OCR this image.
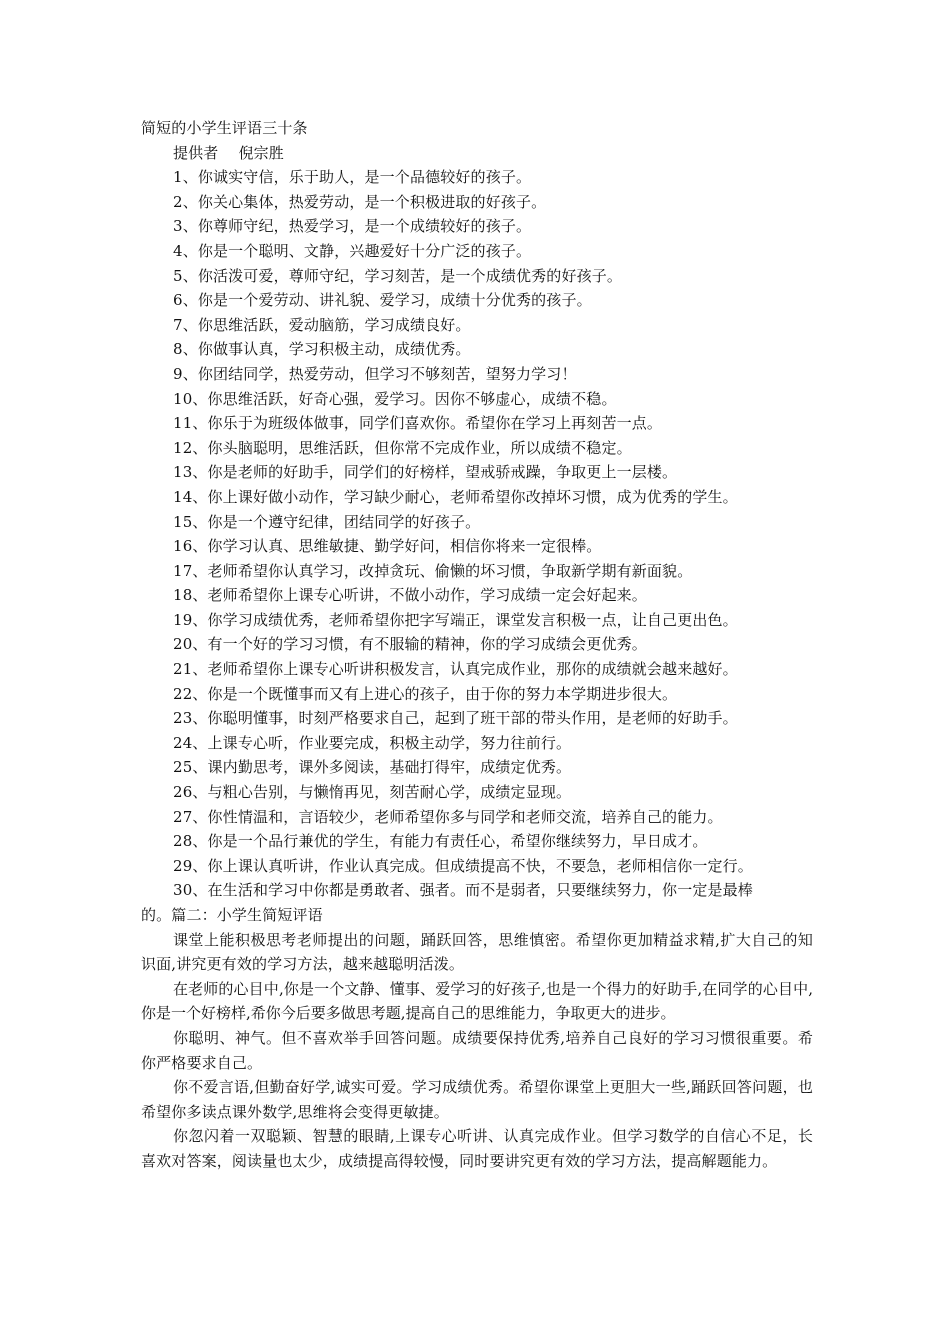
简短的小学生评语三十条
提供者 倪宗胜
1、你诚实守信，乐于助人，是一个品德较好的孩子。
2、你关心集体，热爱劳动，是一个积极进取的好孩子。
3、你尊师守纪，热爱学习，是一个成绩较好的孩子。
4、你是一个聪明、文静，兴趣爱好十分广泛的孩子。
5、你活泼可爱，尊师守纪，学习刻苦，是一个成绩优秀的好孩子。
6、你是一个爱劳动、讲礼貌、爱学习，成绩十分优秀的孩子。
7、你思维活跃，爱动脑筋，学习成绩良好。
8、你做事认真，学习积极主动，成绩优秀。
9、你团结同学，热爱劳动，但学习不够刻苦，望努力学习！
10、你思维活跃，好奇心强，爱学习。因你不够虚心，成绩不稳。
11、你乐于为班级体做事，同学们喜欢你。希望你在学习上再刻苦一点。
12、你头脑聪明，思维活跃，但你常不完成作业，所以成绩不稳定。
13、你是老师的好助手，同学们的好榜样，望戒骄戒躁，争取更上一层楼。
14、你上课好做小动作，学习缺少耐心，老师希望你改掉坏习惯，成为优秀的学生。
15、你是一个遵守纪律，团结同学的好孩子。
16、你学习认真、思维敏捷、勤学好问，相信你将来一定很棒。
17、老师希望你认真学习，改掉贪玩、偷懒的坏习惯，争取新学期有新面貌。
18、老师希望你上课专心听讲，不做小动作，学习成绩一定会好起来。
19、你学习成绩优秀，老师希望你把字写端正，课堂发言积极一点，让自己更出色。
20、有一个好的学习习惯，有不服输的精神，你的学习成绩会更优秀。
21、老师希望你上课专心听讲积极发言，认真完成作业，那你的成绩就会越来越好。
22、你是一个既懂事而又有上进心的孩子，由于你的努力本学期进步很大。
23、你聪明懂事，时刻严格要求自己，起到了班干部的带头作用，是老师的好助手。
24、上课专心听，作业要完成，积极主动学，努力往前行。
25、课内勤思考，课外多阅读，基础打得牢，成绩定优秀。
26、与粗心告别，与懒惰再见，刻苦耐心学，成绩定显现。
27、你性情温和，言语较少，老师希望你多与同学和老师交流，培养自己的能力。
28、你是一个品行兼优的学生，有能力有责任心，希望你继续努力，早日成才。
29、你上课认真听讲，作业认真完成。但成绩提高不快，不要急，老师相信你一定行。
30、在生活和学习中你都是勇敢者、强者。而不是弱者，只要继续努力，你一定是最棒
的。篇二：小学生简短评语
课堂上能积极思考老师提出的问题，踊跃回答，思维慎密。希望你更加精益求精,扩大自己的知识面,讲究更有效的学习方法，越来越聪明活泼。
在老师的心目中,你是一个文静、懂事、爱学习的好孩子,也是一个得力的好助手,在同学的心目中,你是一个好榜样,希你今后要多做思考题,提高自己的思维能力，争取更大的进步。
你聪明、神气。但不喜欢举手回答问题。成绩要保持优秀,培养自己良好的学习习惯很重要。希你严格要求自己。
你不爱言语,但勤奋好学,诚实可爱。学习成绩优秀。希望你课堂上更胆大一些,踊跃回答问题，也希望你多读点课外数学,思维将会变得更敏捷。
你忽闪着一双聪颖、智慧的眼睛,上课专心听讲、认真完成作业。但学习数学的自信心不足，长喜欢对答案，阅读量也太少，成绩提高得较慢，同时要讲究更有效的学习方法，提高解题能力。
